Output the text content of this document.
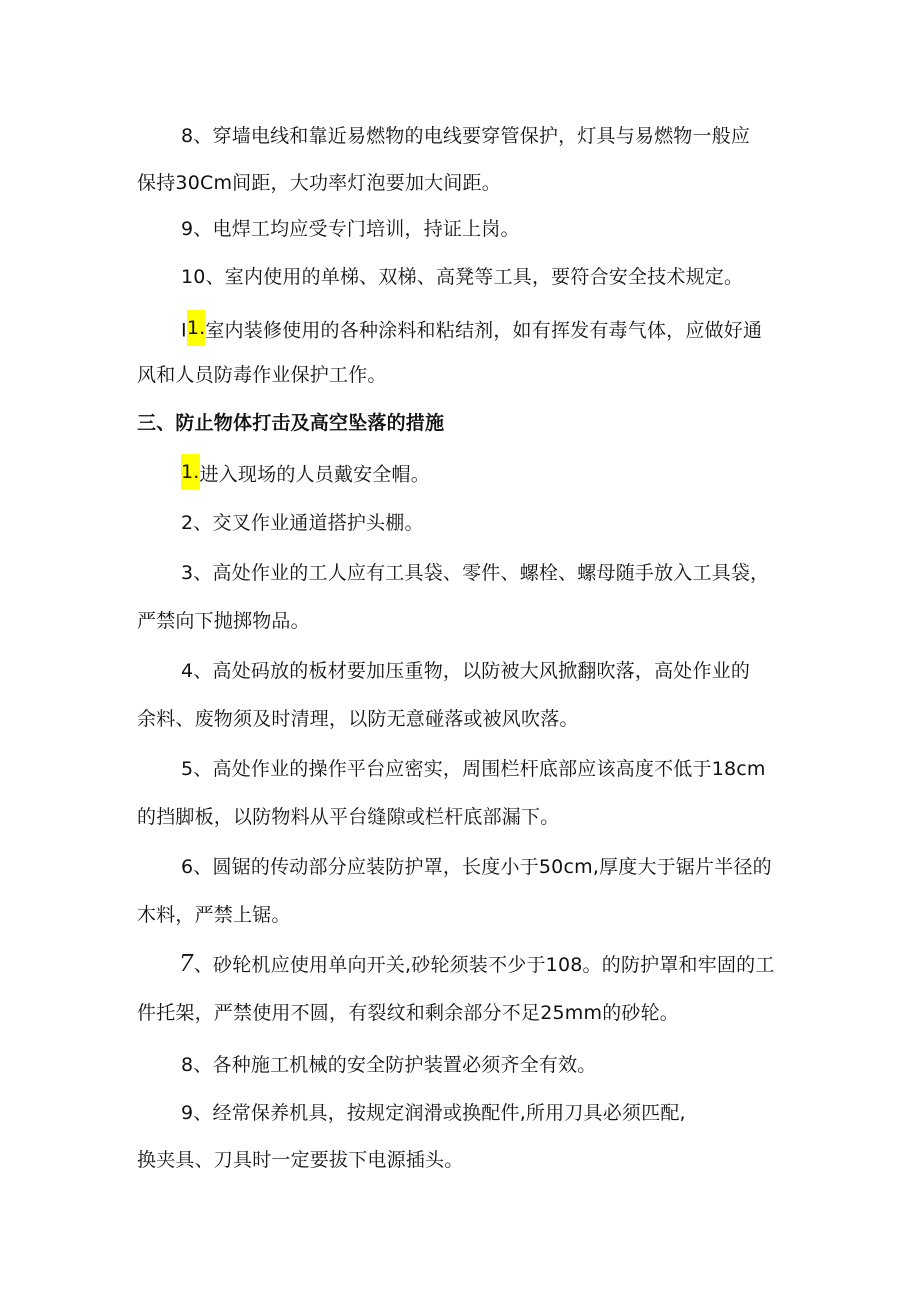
8、穿墙电线和靠近易燃物的电线要穿管保护，灯具与易燃物一般应
保持30Cm间距，大功率灯泡要加大间距。
9、电焊工均应受专门培训，持证上岗。
10、室内使用的单梯、双梯、高凳等工具，要符合安全技术规定。
I1.室内装修使用的各种涂料和粘结剂，如有挥发有毒气体，应做好通
风和人员防毒作业保护工作。
三、防止物体打击及高空坠落的措施
1.进入现场的人员戴安全帽。
2、交叉作业通道搭护头棚。
3、高处作业的工人应有工具袋、零件、螺栓、螺母随手放入工具袋，
严禁向下抛掷物品。
4、高处码放的板材要加压重物，以防被大风掀翻吹落，高处作业的
余料、废物须及时清理，以防无意碰落或被风吹落。
5、高处作业的操作平台应密实，周围栏杆底部应该高度不低于18cm
的挡脚板，以防物料从平台缝隙或栏杆底部漏下。
6、圆锯的传动部分应装防护罩，长度小于50cm,厚度大于锯片半径的
木料，严禁上锯。
7、砂轮机应使用单向开关,砂轮须装不少于108。的防护罩和牢固的工
件托架，严禁使用不圆，有裂纹和剩余部分不足25mm的砂轮。
8、各种施工机械的安全防护装置必须齐全有效。
9、经常保养机具，按规定润滑或换配件,所用刀具必须匹配,
换夹具、刀具时一定要拔下电源插头。
